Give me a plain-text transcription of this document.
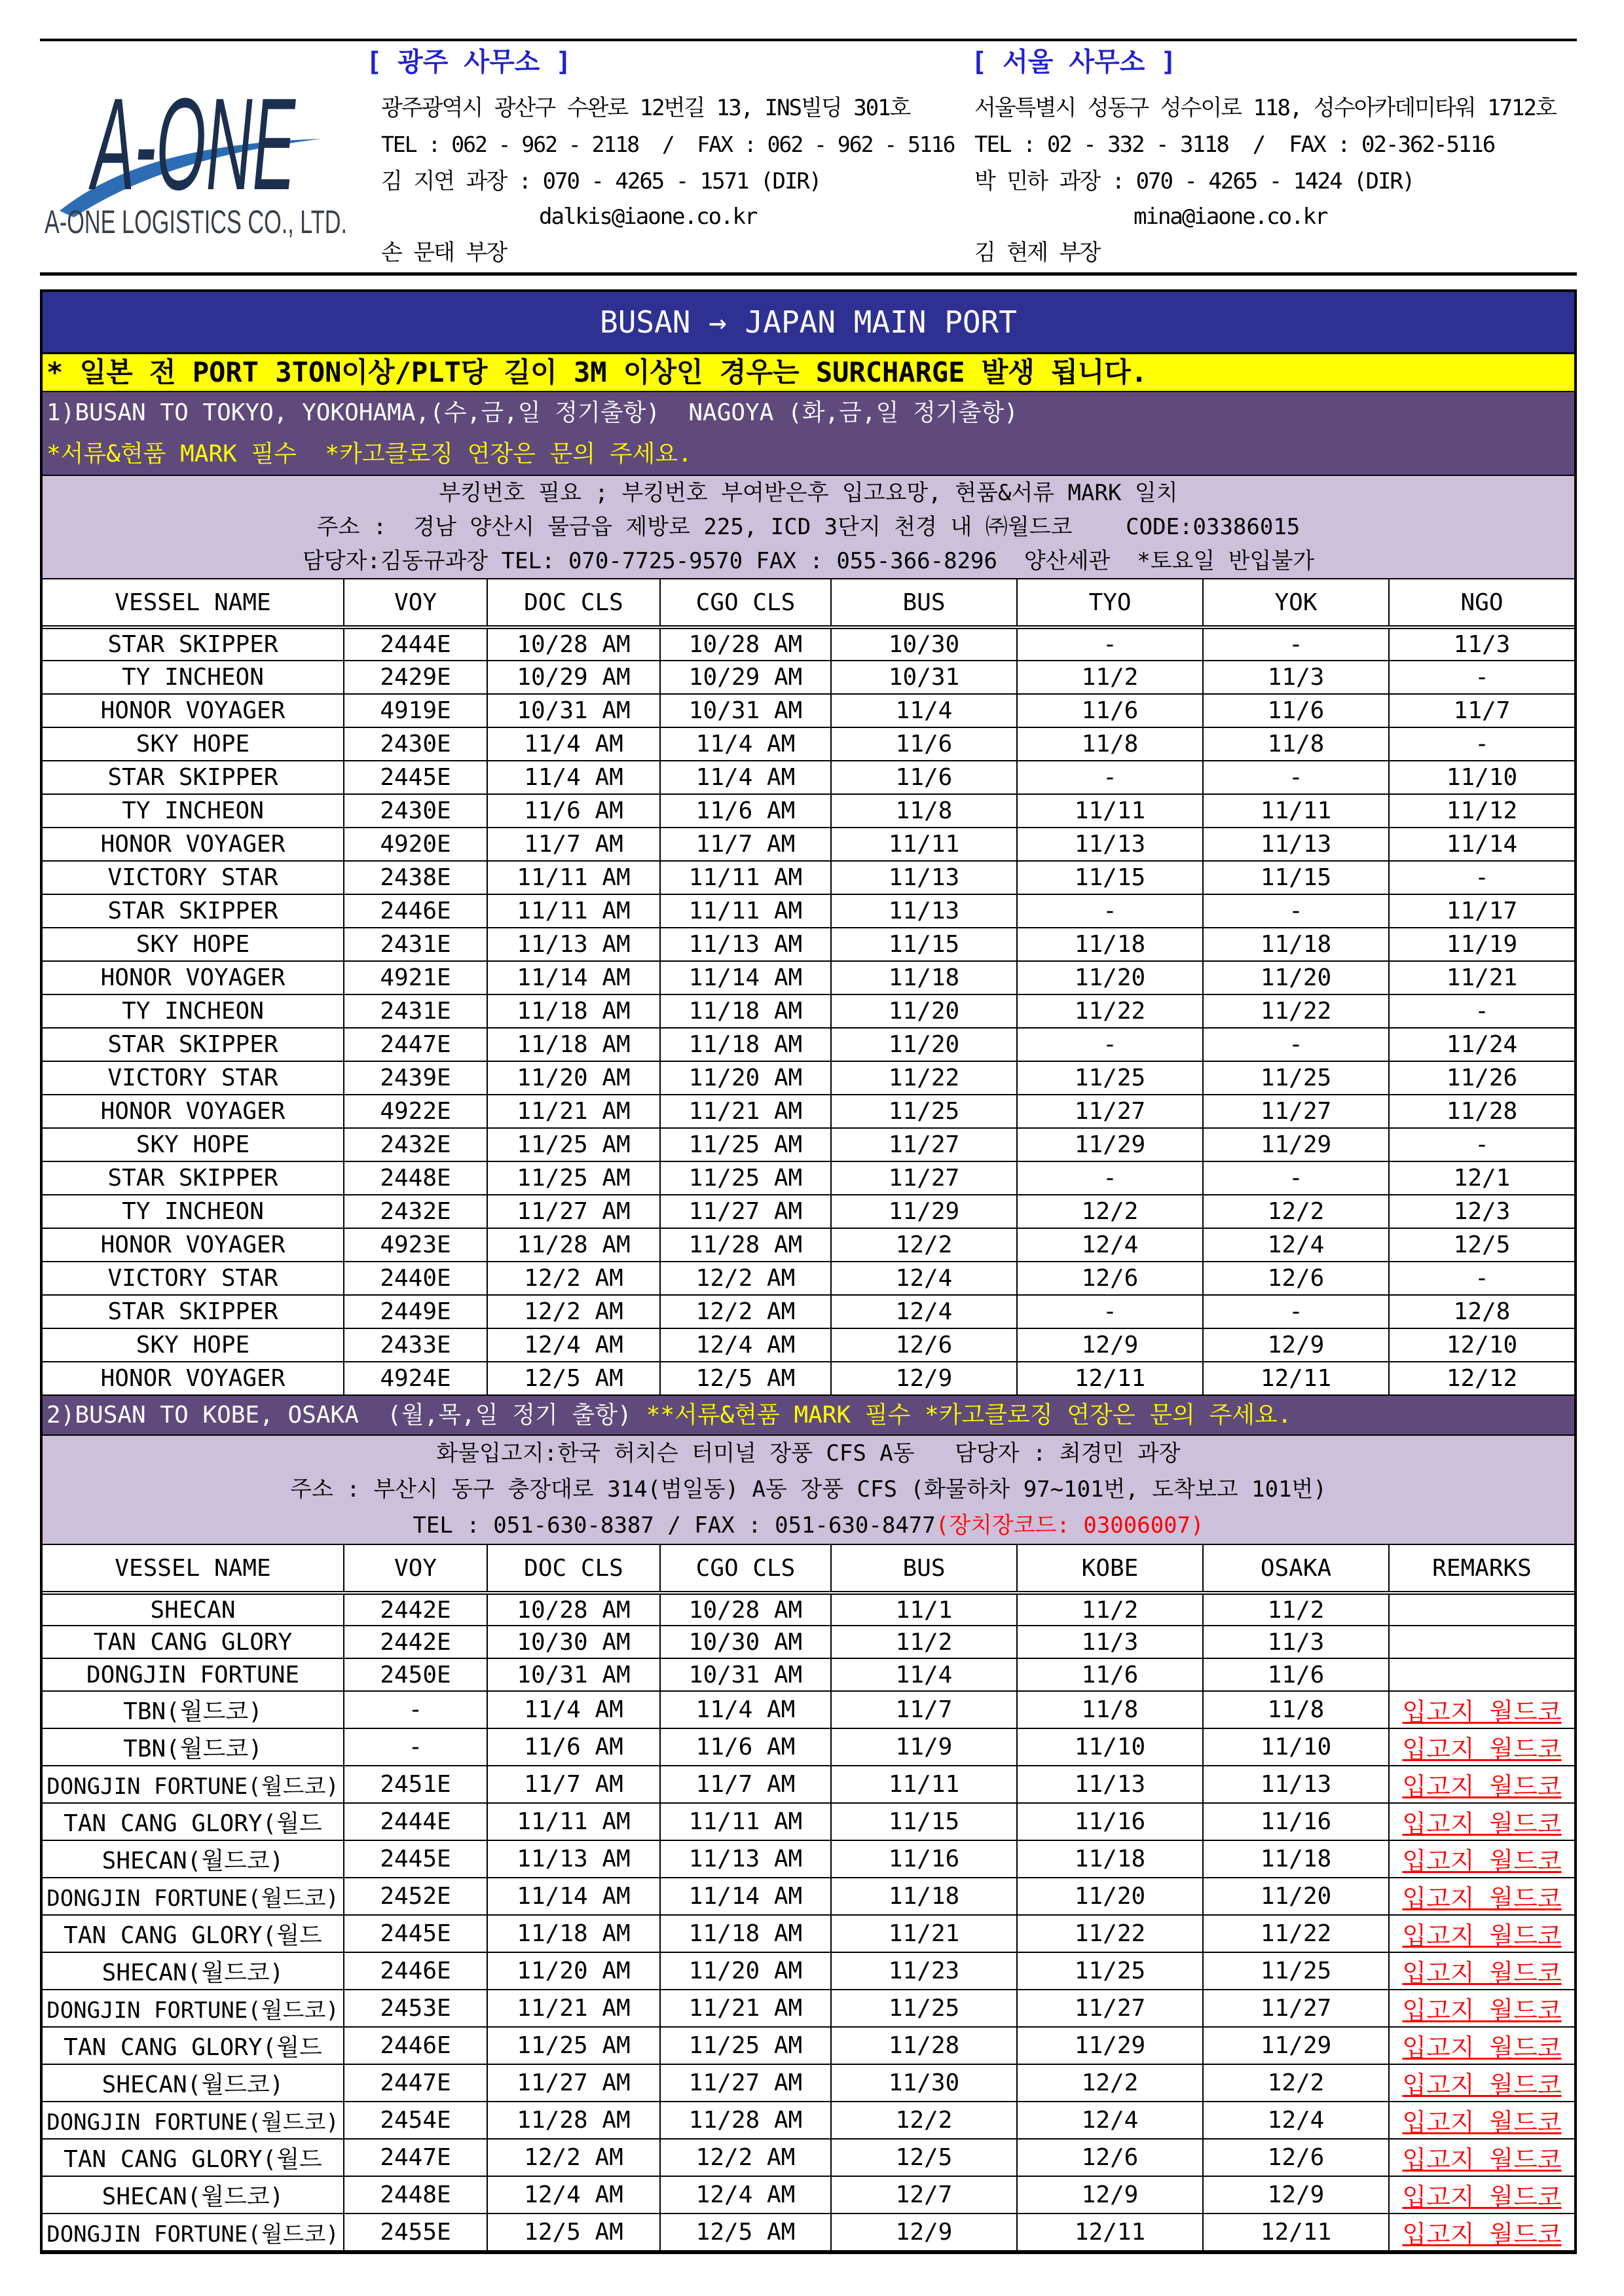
A-ONE
A-ONE LOGISTICS CO., LTD.
[ 광주 사무소 ]
광주광역시 광산구 수완로 12번길 13, INS빌딩 301호
TEL : 062 - 962 - 2118  /  FAX : 062 - 962 - 5116
김 지연 과장 : 070 - 4265 - 1571 (DIR)
dalkis@iaone.co.kr
손 문태 부장
[ 서울 사무소 ]
서울특별시 성동구 성수이로 118, 성수아카데미타워 1712호
TEL : 02 - 332 - 3118  /  FAX : 02-362-5116
박 민하 과장 : 070 - 4265 - 1424 (DIR)
mina@iaone.co.kr
김 현제 부장
BUSAN → JAPAN MAIN PORT
* 일본 전 PORT 3TON이상/PLT당 길이 3M 이상인 경우는 SURCHARGE 발생 됩니다.
1)BUSAN TO TOKYO, YOKOHAMA,(수,금,일 정기출항)  NAGOYA (화,금,일 정기출항)
*서류&현품 MARK 필수  *카고클로징 연장은 문의 주세요.
부킹번호 필요 ; 부킹번호 부여받은후 입고요망, 현품&서류 MARK 일치
주소 :  경남 양산시 물금읍 제방로 225, ICD 3단지 천경 내 ㈜월드코    CODE:03386015
담당자:김동규과장 TEL: 070-7725-9570 FAX : 055-366-8296  양산세관  *토요일 반입불가
VESSEL NAME	VOY	DOC CLS	CGO CLS	BUS	TYO	YOK	NGO
STAR SKIPPER	2444E	10/28 AM	10/28 AM	10/30	-	-	11/3
TY INCHEON	2429E	10/29 AM	10/29 AM	10/31	11/2	11/3	-
HONOR VOYAGER	4919E	10/31 AM	10/31 AM	11/4	11/6	11/6	11/7
SKY HOPE	2430E	11/4 AM	11/4 AM	11/6	11/8	11/8	-
STAR SKIPPER	2445E	11/4 AM	11/4 AM	11/6	-	-	11/10
TY INCHEON	2430E	11/6 AM	11/6 AM	11/8	11/11	11/11	11/12
HONOR VOYAGER	4920E	11/7 AM	11/7 AM	11/11	11/13	11/13	11/14
VICTORY STAR	2438E	11/11 AM	11/11 AM	11/13	11/15	11/15	-
STAR SKIPPER	2446E	11/11 AM	11/11 AM	11/13	-	-	11/17
SKY HOPE	2431E	11/13 AM	11/13 AM	11/15	11/18	11/18	11/19
HONOR VOYAGER	4921E	11/14 AM	11/14 AM	11/18	11/20	11/20	11/21
TY INCHEON	2431E	11/18 AM	11/18 AM	11/20	11/22	11/22	-
STAR SKIPPER	2447E	11/18 AM	11/18 AM	11/20	-	-	11/24
VICTORY STAR	2439E	11/20 AM	11/20 AM	11/22	11/25	11/25	11/26
HONOR VOYAGER	4922E	11/21 AM	11/21 AM	11/25	11/27	11/27	11/28
SKY HOPE	2432E	11/25 AM	11/25 AM	11/27	11/29	11/29	-
STAR SKIPPER	2448E	11/25 AM	11/25 AM	11/27	-	-	12/1
TY INCHEON	2432E	11/27 AM	11/27 AM	11/29	12/2	12/2	12/3
HONOR VOYAGER	4923E	11/28 AM	11/28 AM	12/2	12/4	12/4	12/5
VICTORY STAR	2440E	12/2 AM	12/2 AM	12/4	12/6	12/6	-
STAR SKIPPER	2449E	12/2 AM	12/2 AM	12/4	-	-	12/8
SKY HOPE	2433E	12/4 AM	12/4 AM	12/6	12/9	12/9	12/10
HONOR VOYAGER	4924E	12/5 AM	12/5 AM	12/9	12/11	12/11	12/12
2)BUSAN TO KOBE, OSAKA  (월,목,일 정기 출항) **서류&현품 MARK 필수 *카고클로징 연장은 문의 주세요.
화물입고지:한국 허치슨 터미널 장풍 CFS A동   담당자 : 최경민 과장
주소 : 부산시 동구 충장대로 314(범일동) A동 장풍 CFS (화물하차 97~101번, 도착보고 101번)
TEL : 051-630-8387 / FAX : 051-630-8477(장치장코드: 03006007)
VESSEL NAME	VOY	DOC CLS	CGO CLS	BUS	KOBE	OSAKA	REMARKS
SHECAN	2442E	10/28 AM	10/28 AM	11/1	11/2	11/2	
TAN CANG GLORY	2442E	10/30 AM	10/30 AM	11/2	11/3	11/3	
DONGJIN FORTUNE	2450E	10/31 AM	10/31 AM	11/4	11/6	11/6	
TBN(월드코)	-	11/4 AM	11/4 AM	11/7	11/8	11/8	입고지 월드코
TBN(월드코)	-	11/6 AM	11/6 AM	11/9	11/10	11/10	입고지 월드코
DONGJIN FORTUNE(월드코)	2451E	11/7 AM	11/7 AM	11/11	11/13	11/13	입고지 월드코
TAN CANG GLORY(월드	2444E	11/11 AM	11/11 AM	11/15	11/16	11/16	입고지 월드코
SHECAN(월드코)	2445E	11/13 AM	11/13 AM	11/16	11/18	11/18	입고지 월드코
DONGJIN FORTUNE(월드코)	2452E	11/14 AM	11/14 AM	11/18	11/20	11/20	입고지 월드코
TAN CANG GLORY(월드	2445E	11/18 AM	11/18 AM	11/21	11/22	11/22	입고지 월드코
SHECAN(월드코)	2446E	11/20 AM	11/20 AM	11/23	11/25	11/25	입고지 월드코
DONGJIN FORTUNE(월드코)	2453E	11/21 AM	11/21 AM	11/25	11/27	11/27	입고지 월드코
TAN CANG GLORY(월드	2446E	11/25 AM	11/25 AM	11/28	11/29	11/29	입고지 월드코
SHECAN(월드코)	2447E	11/27 AM	11/27 AM	11/30	12/2	12/2	입고지 월드코
DONGJIN FORTUNE(월드코)	2454E	11/28 AM	11/28 AM	12/2	12/4	12/4	입고지 월드코
TAN CANG GLORY(월드	2447E	12/2 AM	12/2 AM	12/5	12/6	12/6	입고지 월드코
SHECAN(월드코)	2448E	12/4 AM	12/4 AM	12/7	12/9	12/9	입고지 월드코
DONGJIN FORTUNE(월드코)	2455E	12/5 AM	12/5 AM	12/9	12/11	12/11	입고지 월드코
